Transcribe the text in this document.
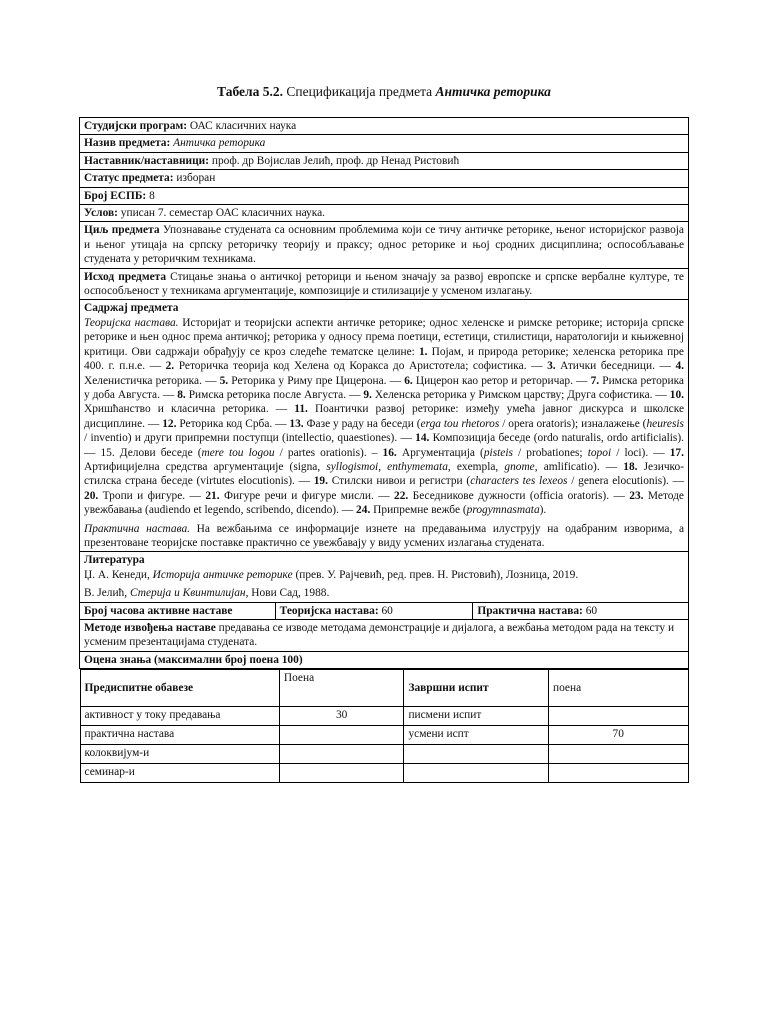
Табела 5.2. Спецификација предмета Античка реторика
Студијски програм: ОАС класичних наука
Назив предмета: Античка реторика
Наставник/наставници: проф. др Војислав Јелић, проф. др Ненад Ристовић
Статус предмета: изборан
Број ЕСПБ: 8
Услов: уписан 7. семестар ОАС класичних наука.
Циљ предмета Упознавање студената са основним проблемима који се тичу античке реторике, њеног историјског развоја и њеног утицаја на српску реторичку теорију и праксу; однос реторике и њој сродних дисциплина; оспособљавање студената у реторичким техникама.
Исход предмета Стицање знања о античкој реторици и њеном значају за развој европске и српске вербалне културе, те оспособљеност у техникама аргументације, композиције и стилизације у усменом излагању.

Садржај предмета
Теоријска настава. Историјат и теоријски аспекти античке реторике; однос хеленске и римске реторике; историја српске реторике и њен однос према античкој; реторика у односу према поетици, естетици, стилистици, наратологији и књижевној критици. Ови садржаји обрађују се кроз следеће тематске целине: 1. Појам, и природа реторике; хеленска реторика пре 400. г. п.н.е. — 2. Реторичка теорија код Хелена од Коракса до Аристотела; софистика. — 3. Атички беседници. — 4. Хеленистичка реторика. — 5. Реторика у Риму пре Цицерона. — 6. Цицерон као ретор и реторичар. — 7. Римска реторика у доба Августа. — 8. Римска реторика после Августа. — 9. Хеленска реторика у Римском царству; Друга софистика. — 10. Хришћанство и класична реторика. — 11. Поантички развој реторике: између умећа јавног дискурса и школске дисциплине. — 12. Реторика код Срба. — 13. Фазе у раду на беседи (erga tou rhetoros / opera oratoris); изналажење (heuresis / inventio) и други припремни поступци (intellectio, quaestiones). — 14. Композиција беседе (ordo naturalis, ordo artificialis). — 15. Делови беседе (mere tou logou / partes orationis). – 16. Аргументација (pisteis / probationes; topoi / loci). — 17. Артифицијелна средства аргументације (signa, syllogismoi, enthymemata, exempla, gnome, amlificatio). — 18. Језичко-стилска страна беседе (virtutes elocutionis). — 19. Стилски нивои и регистри (characters tes lexeos / genera elocutionis). — 20. Тропи и фигуре. — 21. Фигуре речи и фигуре мисли. — 22. Беседникове дужности (officia oratoris). — 23. Методе увежбавања (audiendo et legendo, scribendo, dicendo). — 24. Припремне вежбе (progymnasmata).
Практична настава. На вежбањима се информације изнете на предавањима илуструју на одабраним изворима, а презентоване теоријске поставке практично се увежбавају у виду усмених излагања студената.

Литература
Џ. А. Кенеди, Историја античке реторике (прев. У. Рајчевић, ред. прев. Н. Ристовић), Лозница, 2019.
В. Јелић, Стерија и Квинтилијан, Нови Сад, 1988.

Број часова активне наставе	Теоријска настава: 60	Практична настава: 60
Методе извођења наставе предавања се изводе методама демонстрације и дијалога, а вежбања методом рада на тексту и усменим презентацијама студената.
Оцена знања (максимални број поена 100)

Предиспитне обавезе	Поена	Завршни испит	поена
активност у току предавања	30	писмени испит	
практична настава		усмени испт	70
колоквијум-и			
семинар-и			
